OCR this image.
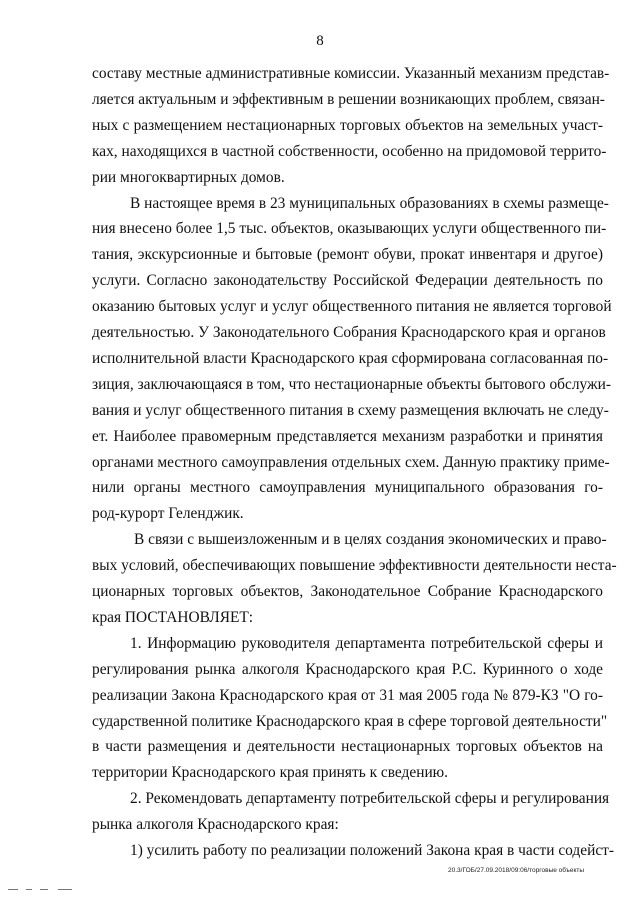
8
составу местные административные комиссии. Указанный механизм представ-
ляется актуальным и эффективным в решении возникающих проблем, связан-
ных с размещением нестационарных торговых объектов на земельных участ-
ках, находящихся в частной собственности, особенно на придомовой террито-
рии многоквартирных домов.
В настоящее время в 23 муниципальных образованиях в схемы размеще-
ния внесено более 1,5 тыс. объектов, оказывающих услуги общественного пи-
тания, экскурсионные и бытовые (ремонт обуви, прокат инвентаря и другое)
услуги. Согласно законодательству Российской Федерации деятельность по
оказанию бытовых услуг и услуг общественного питания не является торговой
деятельностью. У Законодательного Собрания Краснодарского края и органов
исполнительной власти Краснодарского края сформирована согласованная по-
зиция, заключающаяся в том, что нестационарные объекты бытового обслужи-
вания и услуг общественного питания в схему размещения включать не следу-
ет. Наиболее правомерным представляется механизм разработки и принятия
органами местного самоуправления отдельных схем. Данную практику приме-
нили органы местного самоуправления муниципального образования го-
род-курорт Геленджик.
В связи с вышеизложенным и в целях создания экономических и право-
вых условий, обеспечивающих повышение эффективности деятельности неста-
ционарных торговых объектов, Законодательное Собрание Краснодарского
края ПОСТАНОВЛЯЕТ:
1. Информацию руководителя департамента потребительской сферы и
регулирования рынка алкоголя Краснодарского края Р.С. Куринного о ходе
реализации Закона Краснодарского края от 31 мая 2005 года № 879-КЗ "О го-
сударственной политике Краснодарского края в сфере торговой деятельности"
в части размещения и деятельности нестационарных торговых объектов на
территории Краснодарского края принять к сведению.
20.3/ГОБ/27.09.2018/09:06/торговые объекты
2. Рекомендовать департаменту потребительской сферы и регулирования
рынка алкоголя Краснодарского края:
1) усилить работу по реализации положений Закона края в части содейст-
